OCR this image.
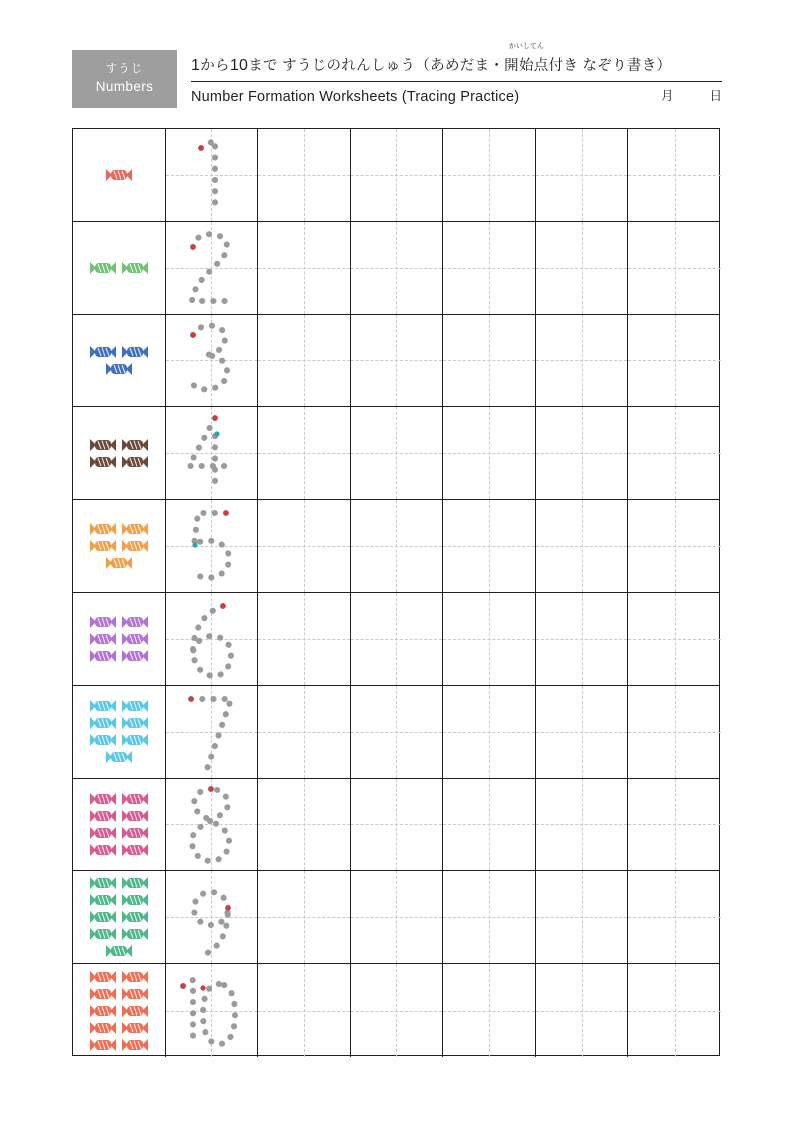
すうじ
Numbers
1から10まで すうじのれんしゅう（あめだま・
かいしてん
開始点付き なぞり書き）
Number Formation Worksheets (Tracing Practice)	月	日
